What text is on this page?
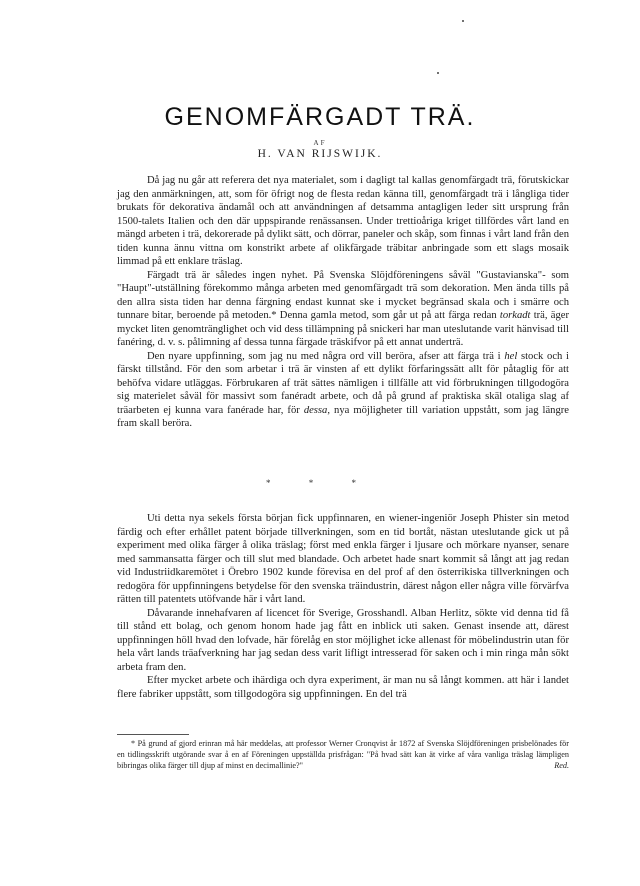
GENOMFÄRGADT TRÄ.
AF
H. VAN RIJSWIJK.

Då jag nu går att referera det nya materialet, som i dagligt tal kallas genomfärgadt trä, förutskickar jag den anmärkningen, att, som för öfrigt nog de flesta redan känna till, genomfärgadt trä i långliga tider brukats för dekorativa ändamål och att användningen af detsamma antagligen leder sitt ursprung från 1500-talets Italien och den där uppspirande renässansen. Under trettioåriga kriget tillfördes vårt land en mängd arbeten i trä, dekorerade på dylikt sätt, och dörrar, paneler och skåp, som finnas i vårt land från den tiden kunna ännu vittna om konstrikt arbete af olikfärgade träbitar anbringade som ett slags mosaik limmad på ett enklare träslag.

Färgadt trä är således ingen nyhet. På Svenska Slöjdföreningens såväl "Gustavianska"- som "Haupt"-utställning förekommo många arbeten med genomfärgadt trä som dekoration. Men ända tills på den allra sista tiden har denna färgning endast kunnat ske i mycket begränsad skala och i smärre och tunnare bitar, beroende på metoden.* Denna gamla metod, som går ut på att färga redan torkadt trä, äger mycket liten genomtränglighet och vid dess tillämpning på snickeri har man uteslutande varit hänvisad till fanéring, d. v. s. pålimning af dessa tunna färgade träskifvor på ett annat underträ.

Den nyare uppfinning, som jag nu med några ord vill beröra, afser att färga trä i hel stock och i färskt tillstånd. För den som arbetar i trä är vinsten af ett dylikt förfaringssätt allt för påtaglig för att behöfva vidare utläggas. Förbrukaren af trät sättes nämligen i tillfälle att vid förbrukningen tillgodogöra sig materielet såväl för massivt som fanéradt arbete, och då på grund af praktiska skäl otaliga slag af träarbeten ej kunna vara fanérade har, för dessa, nya möjligheter till variation uppstått, som jag längre fram skall beröra.

* * *

Uti detta nya sekels första början fick uppfinnaren, en wiener-ingeniör Joseph Phister sin metod färdig och efter erhållet patent började tillverkningen, som en tid bortåt, nästan uteslutande gick ut på experiment med olika färger å olika träslag; först med enkla färger i ljusare och mörkare nyanser, senare med sammansatta färger och till slut med blandade. Och arbetet hade snart kommit så långt att jag redan vid Industriidkaremötet i Örebro 1902 kunde förevisa en del prof af den österrikiska tillverkningen och redogöra för uppfinningens betydelse för den svenska träindustrin, därest någon eller några ville förvärfva rätten till patentets utöfvande här i vårt land.

Dåvarande innehafvaren af licencet för Sverige, Grosshandl. Alban Herlitz, sökte vid denna tid få till stånd ett bolag, och genom honom hade jag fått en inblick uti saken. Genast insende att, därest uppfinningen höll hvad den lofvade, här förelåg en stor möjlighet icke allenast för möbelindustrin utan för hela vårt lands träafverkning har jag sedan dess varit lifligt intresserad för saken och i min ringa mån sökt arbeta fram den.

Efter mycket arbete och ihärdiga och dyra experiment, är man nu så långt kommen. att här i landet flere fabriker uppstått, som tillgodogöra sig uppfinningen. En del trä

* På grund af gjord erinran må här meddelas, att professor Werner Cronqvist år 1872 af Svenska Slöjdföreningen prisbelönades för en tidlingsskrift utgörande svar å en af Föreningen uppställda prisfrågan: "På hvad sätt kan ät virke af våra vanliga träslag lämpligen bibringas olika färger till djup af minst en decimallinie?"	Red.
